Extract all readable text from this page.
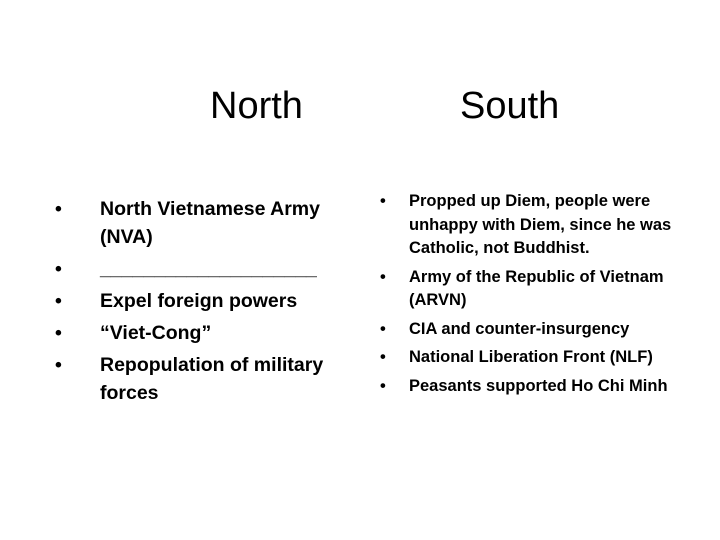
North	South
• North Vietnamese Army (NVA)
• ____________________
• Expel foreign powers
• “Viet-Cong”
• Repopulation of military forces
• Propped up Diem, people were unhappy with Diem, since he was Catholic, not Buddhist.
• Army of the Republic of Vietnam (ARVN)
• CIA and counter-insurgency
• National Liberation Front (NLF)
• Peasants supported Ho Chi Minh
